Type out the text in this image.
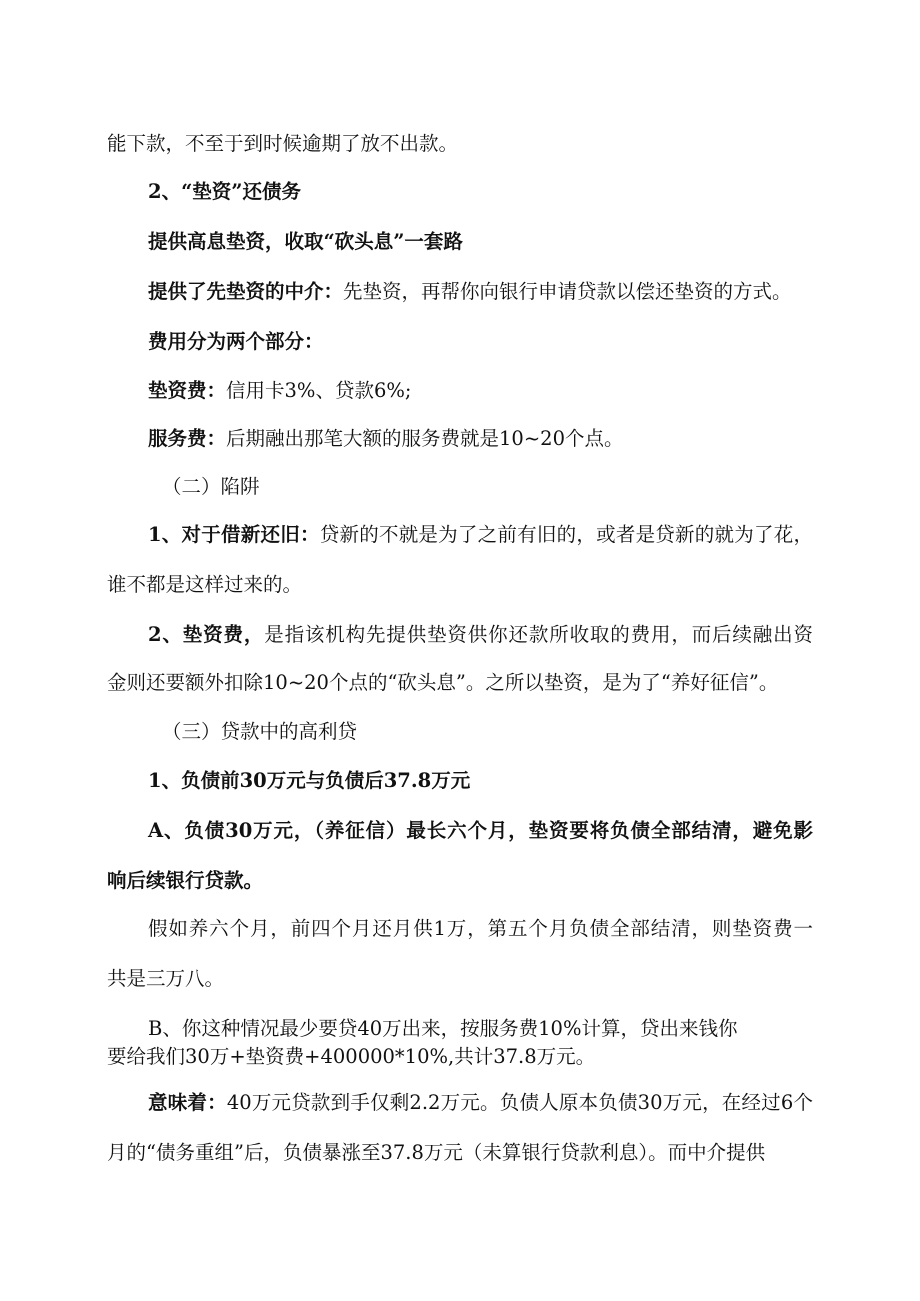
能下款，不至于到时候逾期了放不出款。

2、“垫资”还债务

提供高息垫资，收取“砍头息”一套路

提供了先垫资的中介：先垫资，再帮你向银行申请贷款以偿还垫资的方式。

费用分为两个部分：

垫资费：信用卡3%、贷款6%;

服务费：后期融出那笔大额的服务费就是10~20个点。

（二）陷阱

1、对于借新还旧：贷新的不就是为了之前有旧的，或者是贷新的就为了花，

谁不都是这样过来的。

2、垫资费，是指该机构先提供垫资供你还款所收取的费用，而后续融出资

金则还要额外扣除10~20个点的“砍头息”。之所以垫资，是为了“养好征信”。

（三）贷款中的高利贷

1、负债前30万元与负债后37.8万元

A、负债30万元，（养征信）最长六个月，垫资要将负债全部结清，避免影

响后续银行贷款。

假如养六个月，前四个月还月供1万，第五个月负债全部结清，则垫资费一

共是三万八。

B、你这种情况最少要贷40万出来，按服务费10%计算，贷出来钱你

要给我们30万+垫资费+400000*10%,共计37.8万元。

意味着：40万元贷款到手仅剩2.2万元。负债人原本负债30万元，在经过6个

月的“债务重组”后，负债暴涨至37.8万元（未算银行贷款利息）。而中介提供
